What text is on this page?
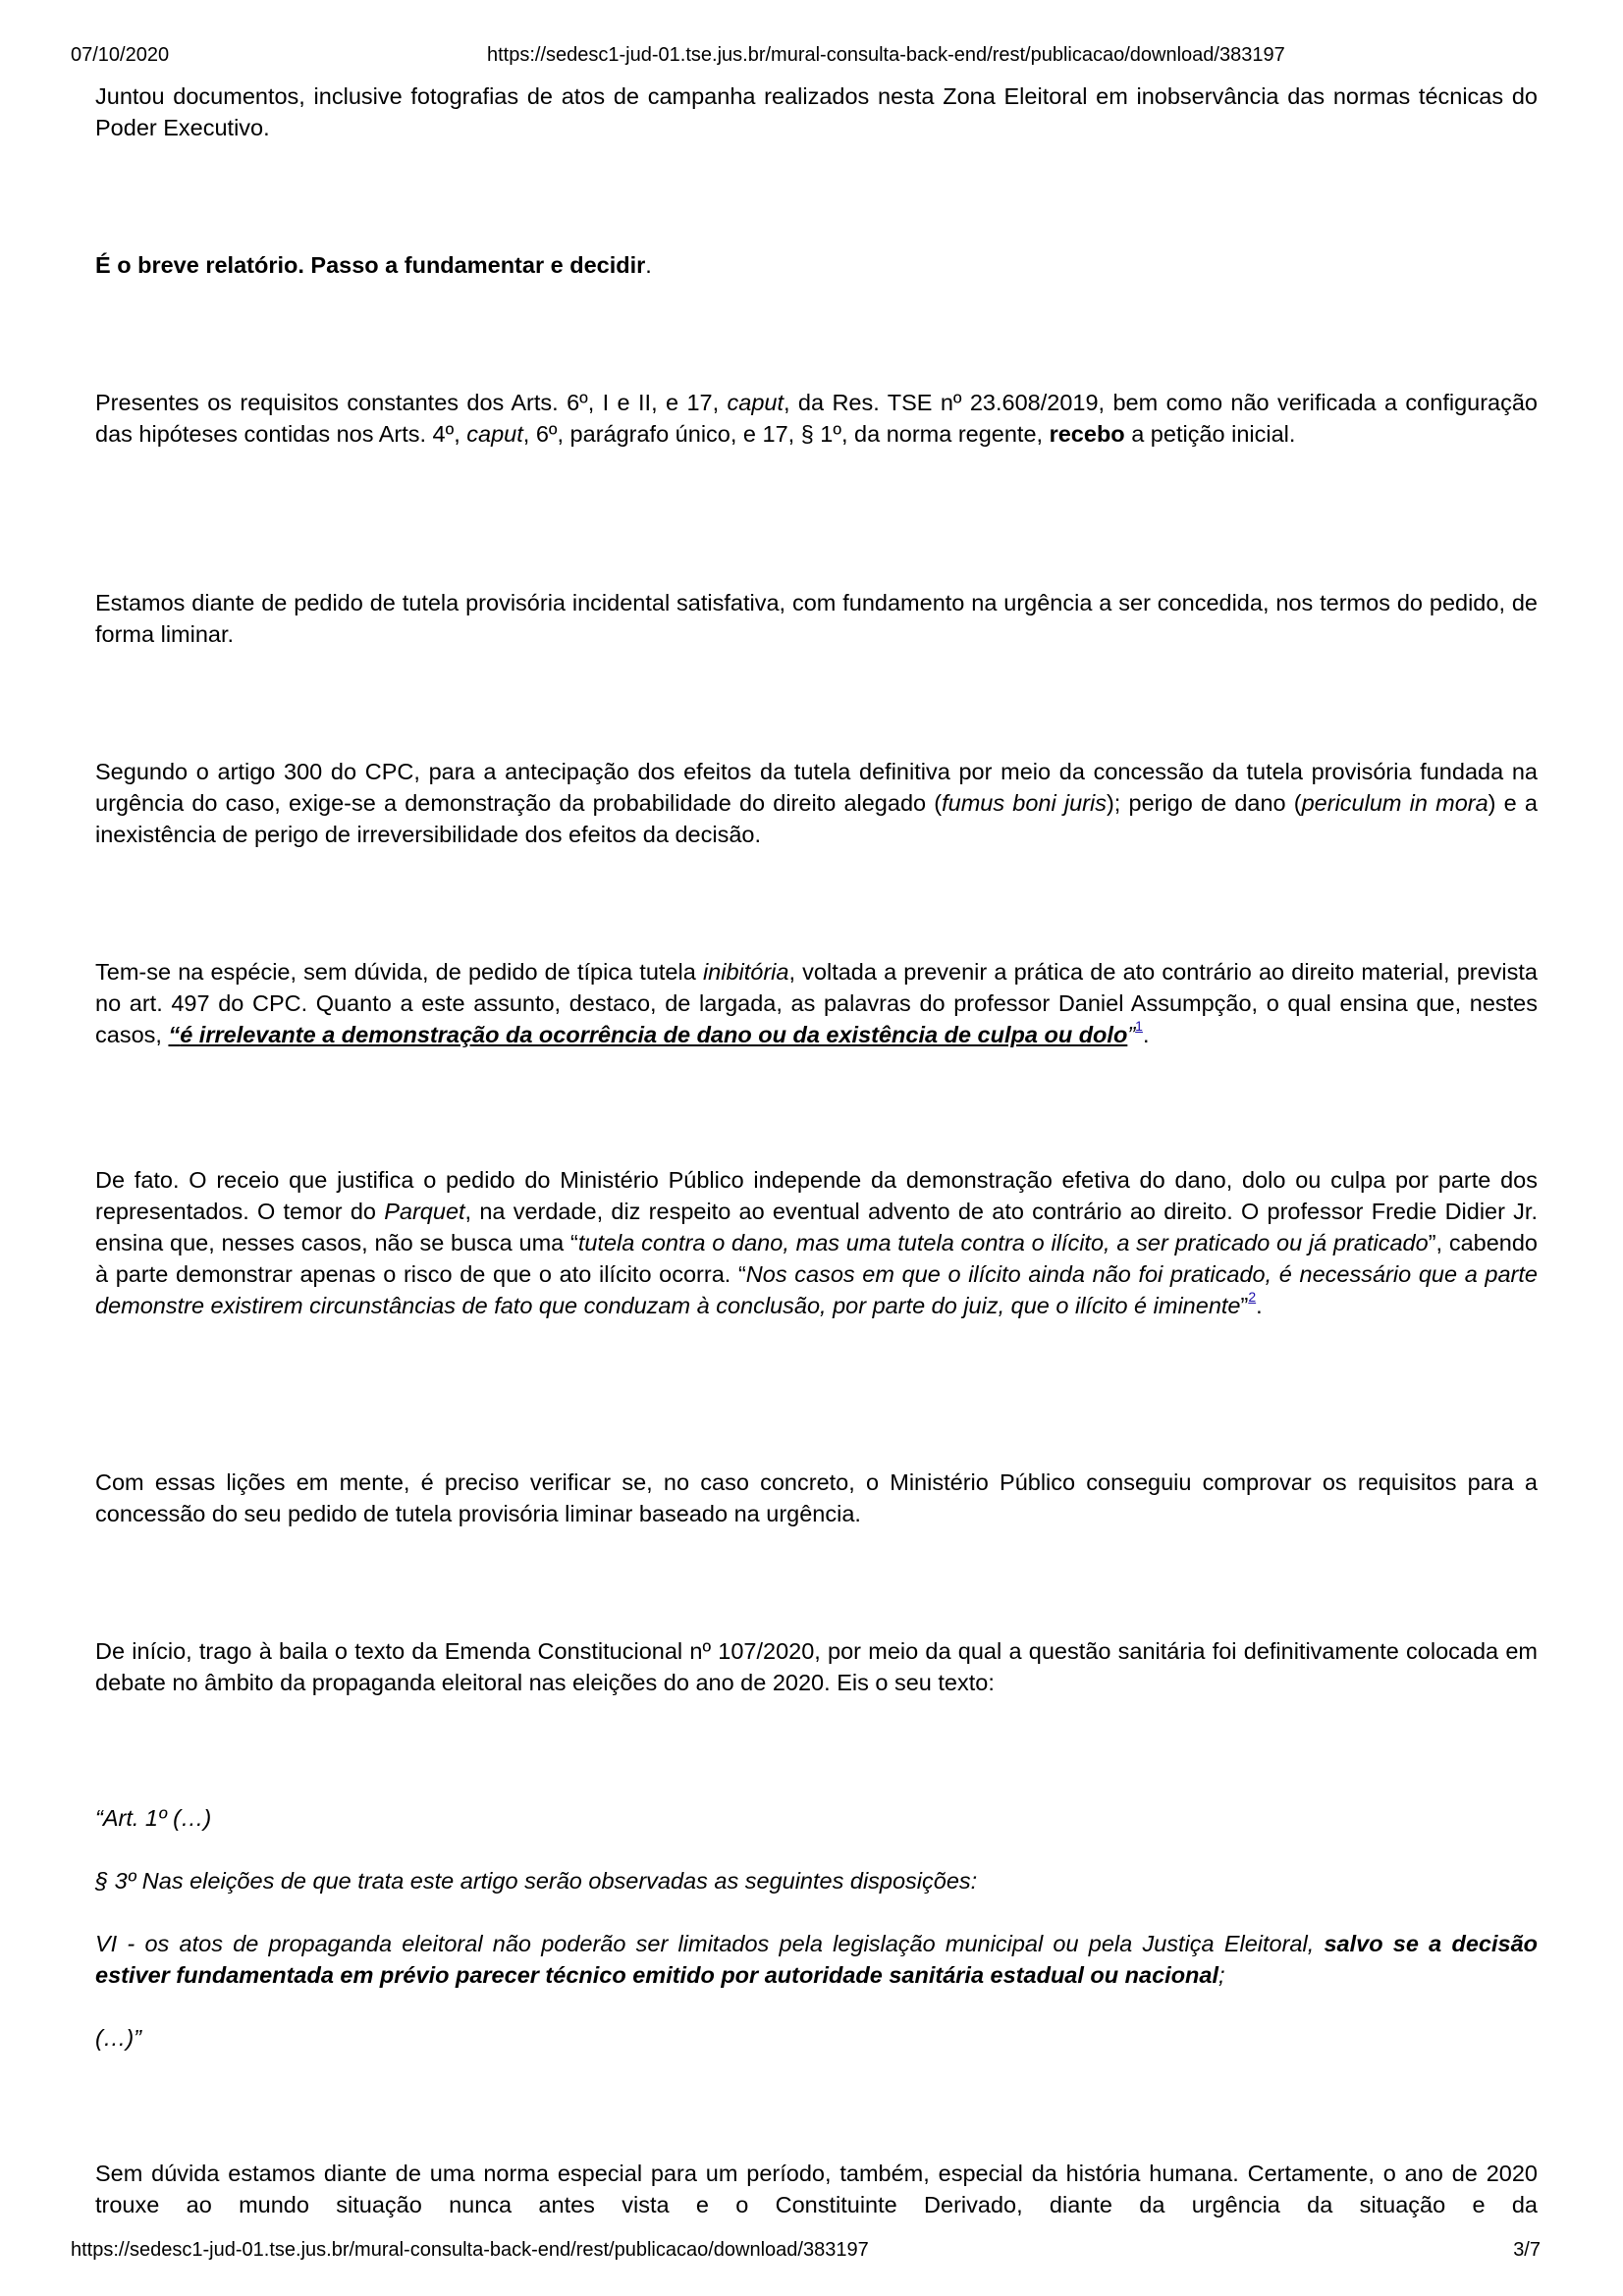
07/10/2020	https://sedesc1-jud-01.tse.jus.br/mural-consulta-back-end/rest/publicacao/download/383197
Juntou documentos, inclusive fotografias de atos de campanha realizados nesta Zona Eleitoral em inobservância das normas técnicas do Poder Executivo.
É o breve relatório. Passo a fundamentar e decidir.
Presentes os requisitos constantes dos Arts. 6º, I e II, e 17, caput, da Res. TSE nº 23.608/2019, bem como não verificada a configuração das hipóteses contidas nos Arts. 4º, caput, 6º, parágrafo único, e 17, § 1º, da norma regente, recebo a petição inicial.
Estamos diante de pedido de tutela provisória incidental satisfativa, com fundamento na urgência a ser concedida, nos termos do pedido, de forma liminar.
Segundo o artigo 300 do CPC, para a antecipação dos efeitos da tutela definitiva por meio da concessão da tutela provisória fundada na urgência do caso, exige-se a demonstração da probabilidade do direito alegado (fumus boni juris); perigo de dano (periculum in mora) e a inexistência de perigo de irreversibilidade dos efeitos da decisão.
Tem-se na espécie, sem dúvida, de pedido de típica tutela inibitória, voltada a prevenir a prática de ato contrário ao direito material, prevista no art. 497 do CPC. Quanto a este assunto, destaco, de largada, as palavras do professor Daniel Assumpção, o qual ensina que, nestes casos, “é irrelevante a demonstração da ocorrência de dano ou da existência de culpa ou dolo”$^1$.
De fato. O receio que justifica o pedido do Ministério Público independe da demonstração efetiva do dano, dolo ou culpa por parte dos representados. O temor do Parquet, na verdade, diz respeito ao eventual advento de ato contrário ao direito. O professor Fredie Didier Jr. ensina que, nesses casos, não se busca uma “tutela contra o dano, mas uma tutela contra o ilícito, a ser praticado ou já praticado”, cabendo à parte demonstrar apenas o risco de que o ato ilícito ocorra. “Nos casos em que o ilícito ainda não foi praticado, é necessário que a parte demonstre existirem circunstâncias de fato que conduzam à conclusão, por parte do juiz, que o ilícito é iminente”$^2$.
Com essas lições em mente, é preciso verificar se, no caso concreto, o Ministério Público conseguiu comprovar os requisitos para a concessão do seu pedido de tutela provisória liminar baseado na urgência.
De início, trago à baila o texto da Emenda Constitucional nº 107/2020, por meio da qual a questão sanitária foi definitivamente colocada em debate no âmbito da propaganda eleitoral nas eleições do ano de 2020. Eis o seu texto:
“Art. 1º (…)
§ 3º Nas eleições de que trata este artigo serão observadas as seguintes disposições:
VI - os atos de propaganda eleitoral não poderão ser limitados pela legislação municipal ou pela Justiça Eleitoral, salvo se a decisão estiver fundamentada em prévio parecer técnico emitido por autoridade sanitária estadual ou nacional;
(…)”
Sem dúvida estamos diante de uma norma especial para um período, também, especial da história humana. Certamente, o ano de 2020 trouxe ao mundo situação nunca antes vista e o Constituinte Derivado, diante da urgência da situação e da
https://sedesc1-jud-01.tse.jus.br/mural-consulta-back-end/rest/publicacao/download/383197	3/7
